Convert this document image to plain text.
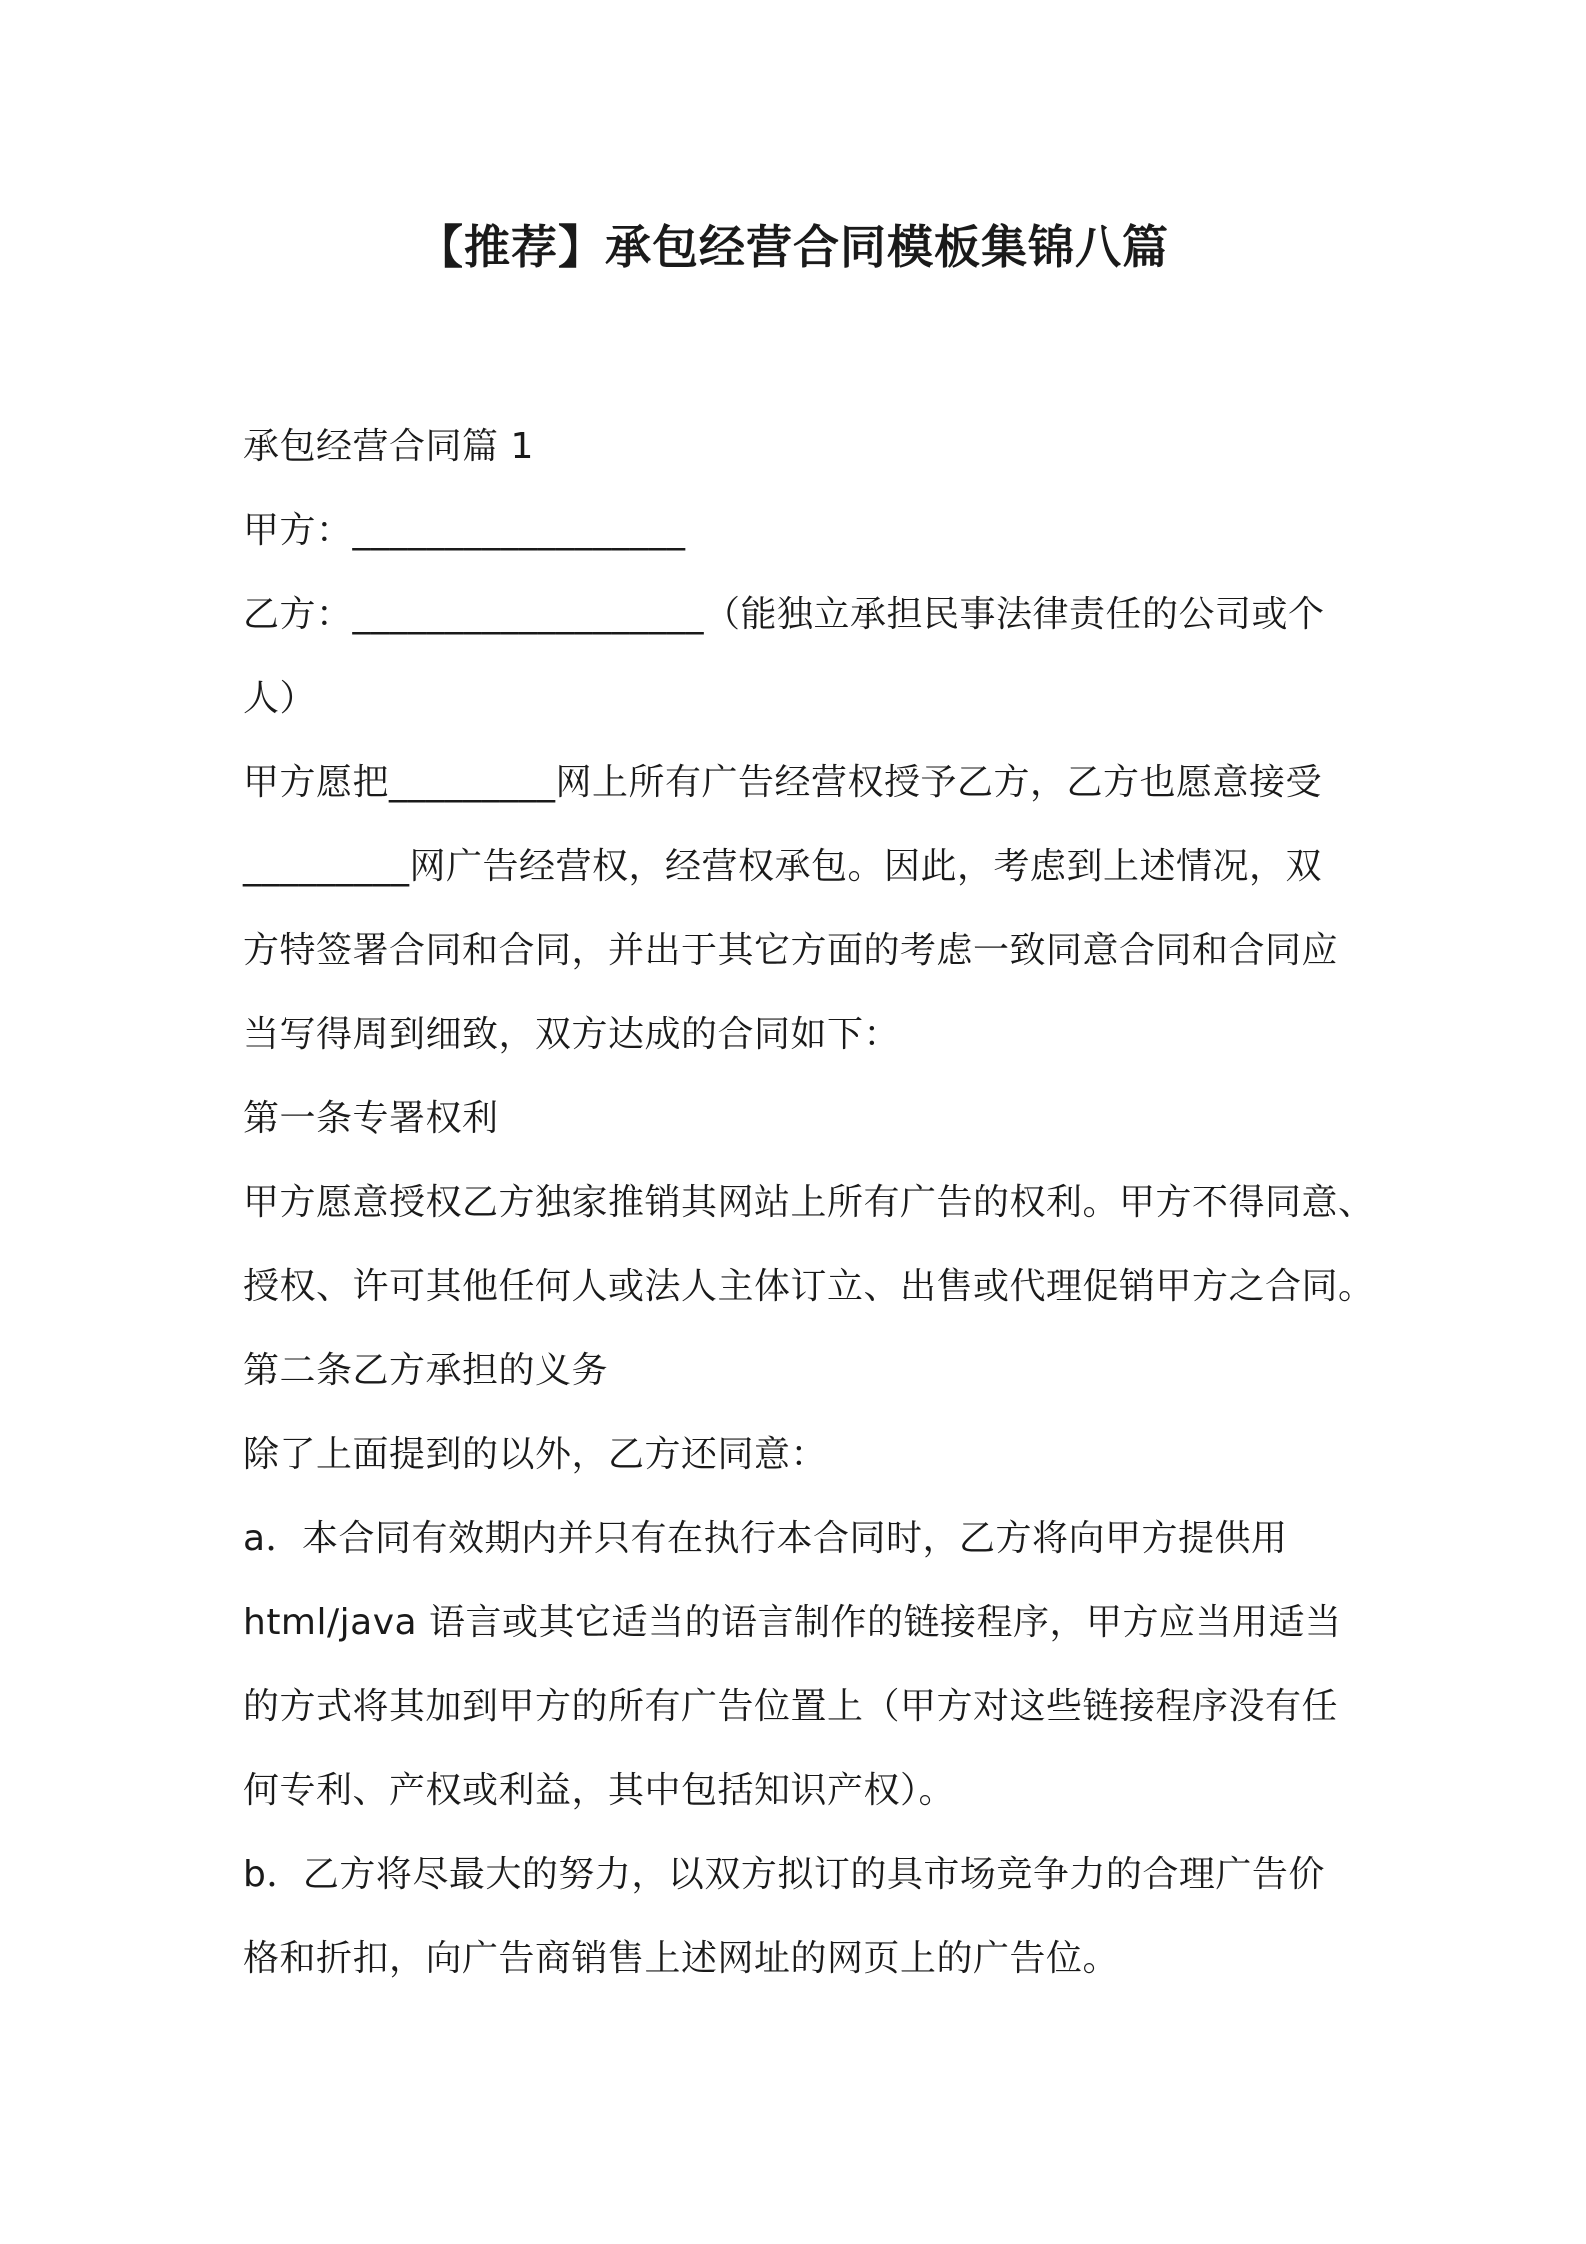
【推荐】承包经营合同模板集锦八篇
承包经营合同篇 1
甲方：__________________
乙方：___________________（能独立承担民事法律责任的公司或个
人）
甲方愿把_________网上所有广告经营权授予乙方，乙方也愿意接受
_________网广告经营权，经营权承包。因此，考虑到上述情况，双
方特签署合同和合同，并出于其它方面的考虑一致同意合同和合同应
当写得周到细致，双方达成的合同如下：
第一条专署权利
甲方愿意授权乙方独家推销其网站上所有广告的权利。甲方不得同意、
授权、许可其他任何人或法人主体订立、出售或代理促销甲方之合同。
第二条乙方承担的义务
除了上面提到的以外，乙方还同意：
a．本合同有效期内并只有在执行本合同时，乙方将向甲方提供用
html/java 语言或其它适当的语言制作的链接程序，甲方应当用适当
的方式将其加到甲方的所有广告位置上（甲方对这些链接程序没有任
何专利、产权或利益，其中包括知识产权）。
b．乙方将尽最大的努力，以双方拟订的具市场竞争力的合理广告价
格和折扣，向广告商销售上述网址的网页上的广告位。
